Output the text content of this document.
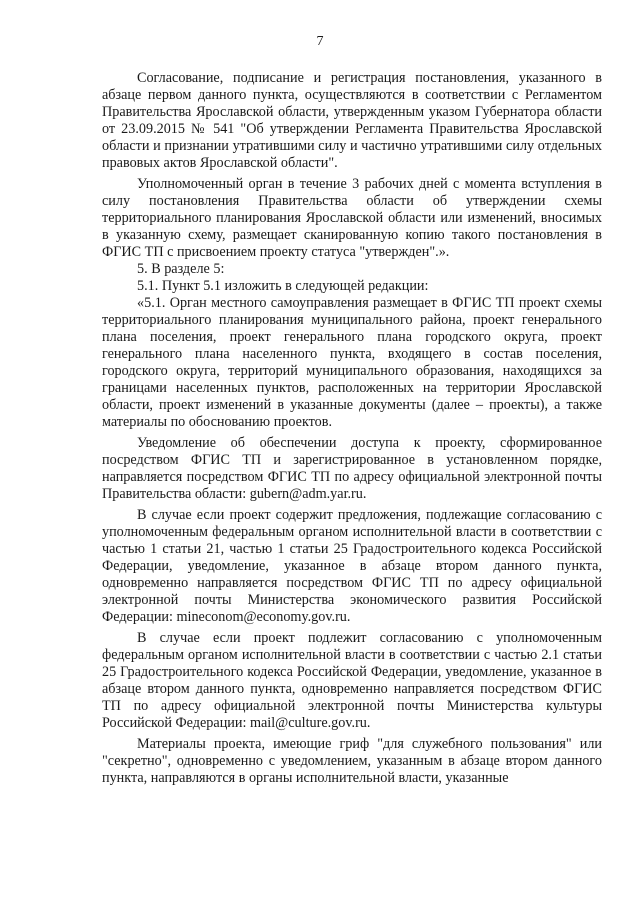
7

Согласование, подписание и регистрация постановления, указанного в абзаце первом данного пункта, осуществляются в соответствии с Регламентом Правительства Ярославской области, утвержденным указом Губернатора области от 23.09.2015 № 541 "Об утверждении Регламента Правительства Ярославской области и признании утратившими силу и частично утратившими силу отдельных правовых актов Ярославской области".

Уполномоченный орган в течение 3 рабочих дней с момента вступления в силу постановления Правительства области об утверждении схемы территориального планирования Ярославской области или изменений, вносимых в указанную схему, размещает сканированную копию такого постановления в ФГИС ТП с присвоением проекту статуса "утвержден".».

5. В разделе 5:

5.1. Пункт 5.1 изложить в следующей редакции:

«5.1. Орган местного самоуправления размещает в ФГИС ТП проект схемы территориального планирования муниципального района, проект генерального плана поселения, проект генерального плана городского округа, проект генерального плана населенного пункта, входящего в состав поселения, городского округа, территорий муниципального образования, находящихся за границами населенных пунктов, расположенных на территории Ярославской области, проект изменений в указанные документы (далее – проекты), а также материалы по обоснованию проектов.

Уведомление об обеспечении доступа к проекту, сформированное посредством ФГИС ТП и зарегистрированное в установленном порядке, направляется посредством ФГИС ТП по адресу официальной электронной почты Правительства области: gubern@adm.yar.ru.

В случае если проект содержит предложения, подлежащие согласованию с уполномоченным федеральным органом исполнительной власти в соответствии с частью 1 статьи 21, частью 1 статьи 25 Градостроительного кодекса Российской Федерации, уведомление, указанное в абзаце втором данного пункта, одновременно направляется посредством ФГИС ТП по адресу официальной электронной почты Министерства экономического развития Российской Федерации: mineconom@economy.gov.ru.

В случае если проект подлежит согласованию с уполномоченным федеральным органом исполнительной власти в соответствии с частью 2.1 статьи 25 Градостроительного кодекса Российской Федерации, уведомление, указанное в абзаце втором данного пункта, одновременно направляется посредством ФГИС ТП по адресу официальной электронной почты Министерства культуры Российской Федерации: mail@culture.gov.ru.

Материалы проекта, имеющие гриф "для служебного пользования" или "секретно", одновременно с уведомлением, указанным в абзаце втором данного пункта, направляются в органы исполнительной власти, указанные
